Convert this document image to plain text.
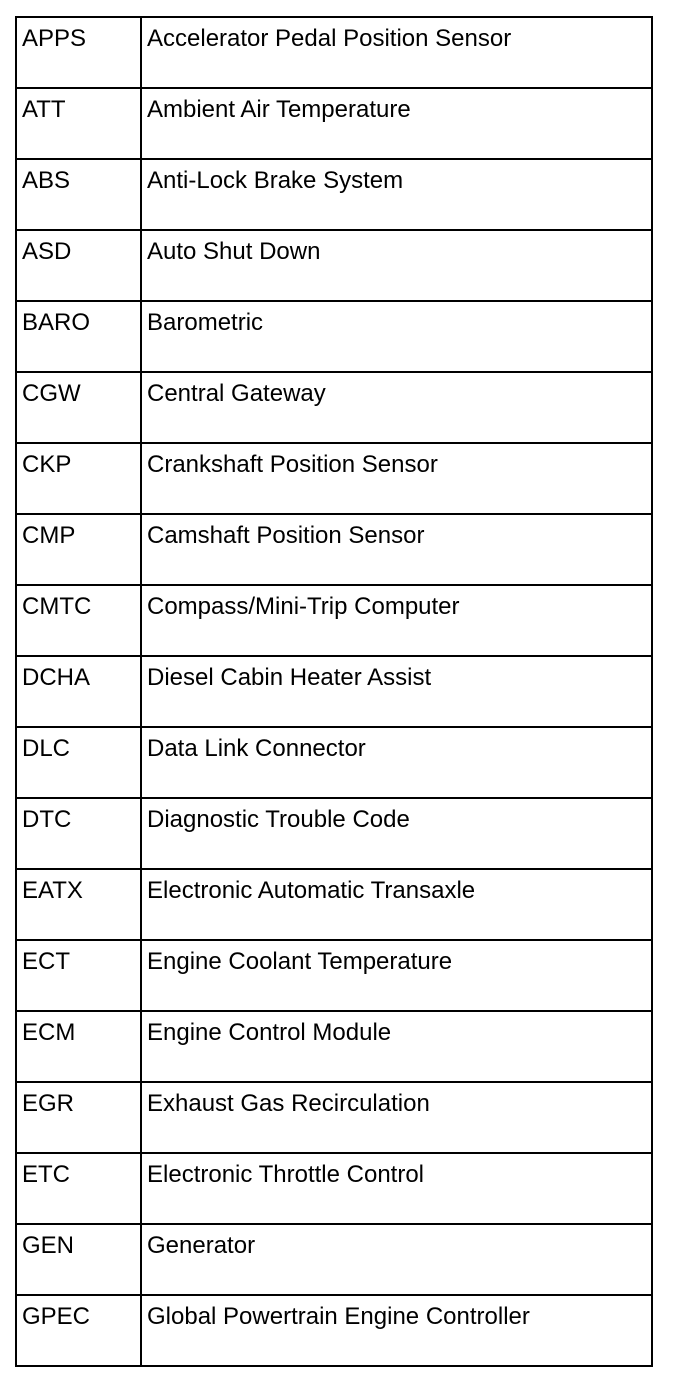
APPS	Accelerator Pedal Position Sensor
ATT	Ambient Air Temperature
ABS	Anti-Lock Brake System
ASD	Auto Shut Down
BARO	Barometric
CGW	Central Gateway
CKP	Crankshaft Position Sensor
CMP	Camshaft Position Sensor
CMTC	Compass/Mini-Trip Computer
DCHA	Diesel Cabin Heater Assist
DLC	Data Link Connector
DTC	Diagnostic Trouble Code
EATX	Electronic Automatic Transaxle
ECT	Engine Coolant Temperature
ECM	Engine Control Module
EGR	Exhaust Gas Recirculation
ETC	Electronic Throttle Control
GEN	Generator
GPEC	Global Powertrain Engine Controller
